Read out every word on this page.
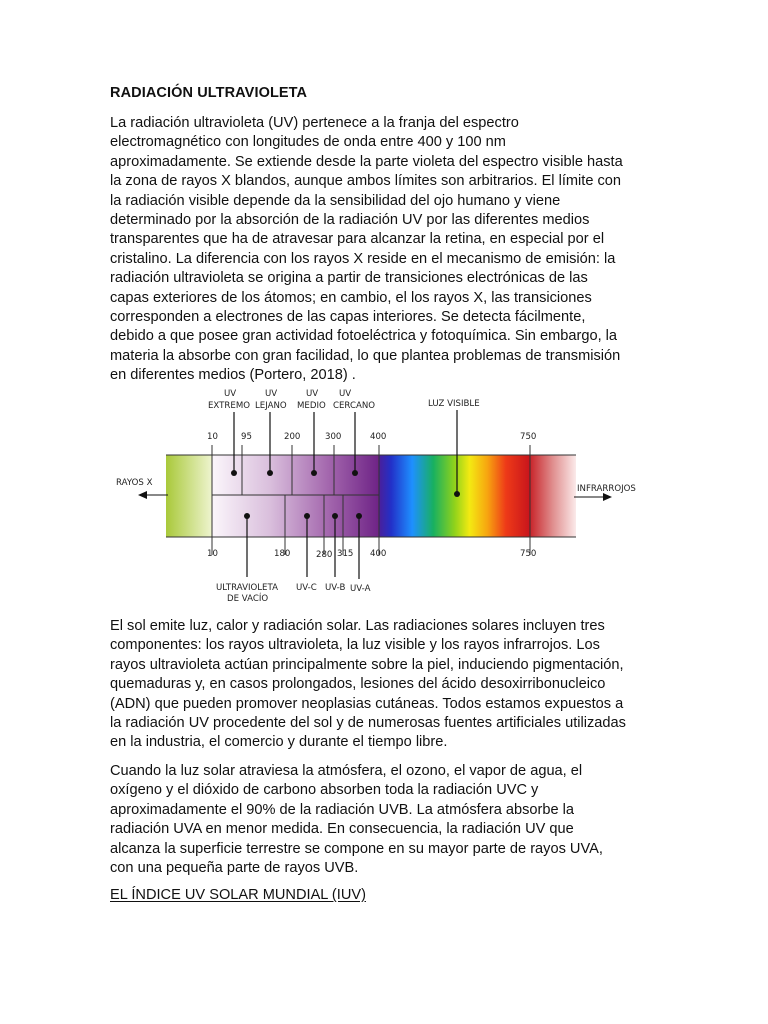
RADIACIÓN ULTRAVIOLETA

La radiación ultravioleta (UV) pertenece a la franja del espectro
electromagnético con longitudes de onda entre 400 y 100 nm
aproximadamente. Se extiende desde la parte violeta del espectro visible hasta
la zona de rayos X blandos, aunque ambos límites son arbitrarios. El límite con
la radiación visible depende da la sensibilidad del ojo humano y viene
determinado por la absorción de la radiación UV por las diferentes medios
transparentes que ha de atravesar para alcanzar la retina, en especial por el
cristalino. La diferencia con los rayos X reside en el mecanismo de emisión: la
radiación ultravioleta se origina a partir de transiciones electrónicas de las
capas exteriores de los átomos; en cambio, el los rayos X, las transiciones
corresponden a electrones de las capas interiores. Se detecta fácilmente,
debido a que posee gran actividad fotoeléctrica y fotoquímica. Sin embargo, la
materia la absorbe con gran facilidad, lo que plantea problemas de transmisión
en diferentes medios (Portero, 2018) .

10	95	200	300	400	750
10	180	280 315 400	750
UV
EXTREMO
UV
LEJANO
UV
MEDIO
UV
CERCANO	LUZ VISIBLE
ULTRAVIOLETA
DE VACÍO
UV-C UV-B UV-A
RAYOS X
INFRARROJOS

El sol emite luz, calor y radiación solar. Las radiaciones solares incluyen tres
componentes: los rayos ultravioleta, la luz visible y los rayos infrarrojos. Los
rayos ultravioleta actúan principalmente sobre la piel, induciendo pigmentación,
quemaduras y, en casos prolongados, lesiones del ácido desoxirribonucleico
(ADN) que pueden promover neoplasias cutáneas. Todos estamos expuestos a
la radiación UV procedente del sol y de numerosas fuentes artificiales utilizadas
en la industria, el comercio y durante el tiempo libre.

Cuando la luz solar atraviesa la atmósfera, el ozono, el vapor de agua, el
oxígeno y el dióxido de carbono absorben toda la radiación UVC y
aproximadamente el 90% de la radiación UVB. La atmósfera absorbe la
radiación UVA en menor medida. En consecuencia, la radiación UV que
alcanza la superficie terrestre se compone en su mayor parte de rayos UVA,
con una pequeña parte de rayos UVB.

EL ÍNDICE UV SOLAR MUNDIAL (IUV)
